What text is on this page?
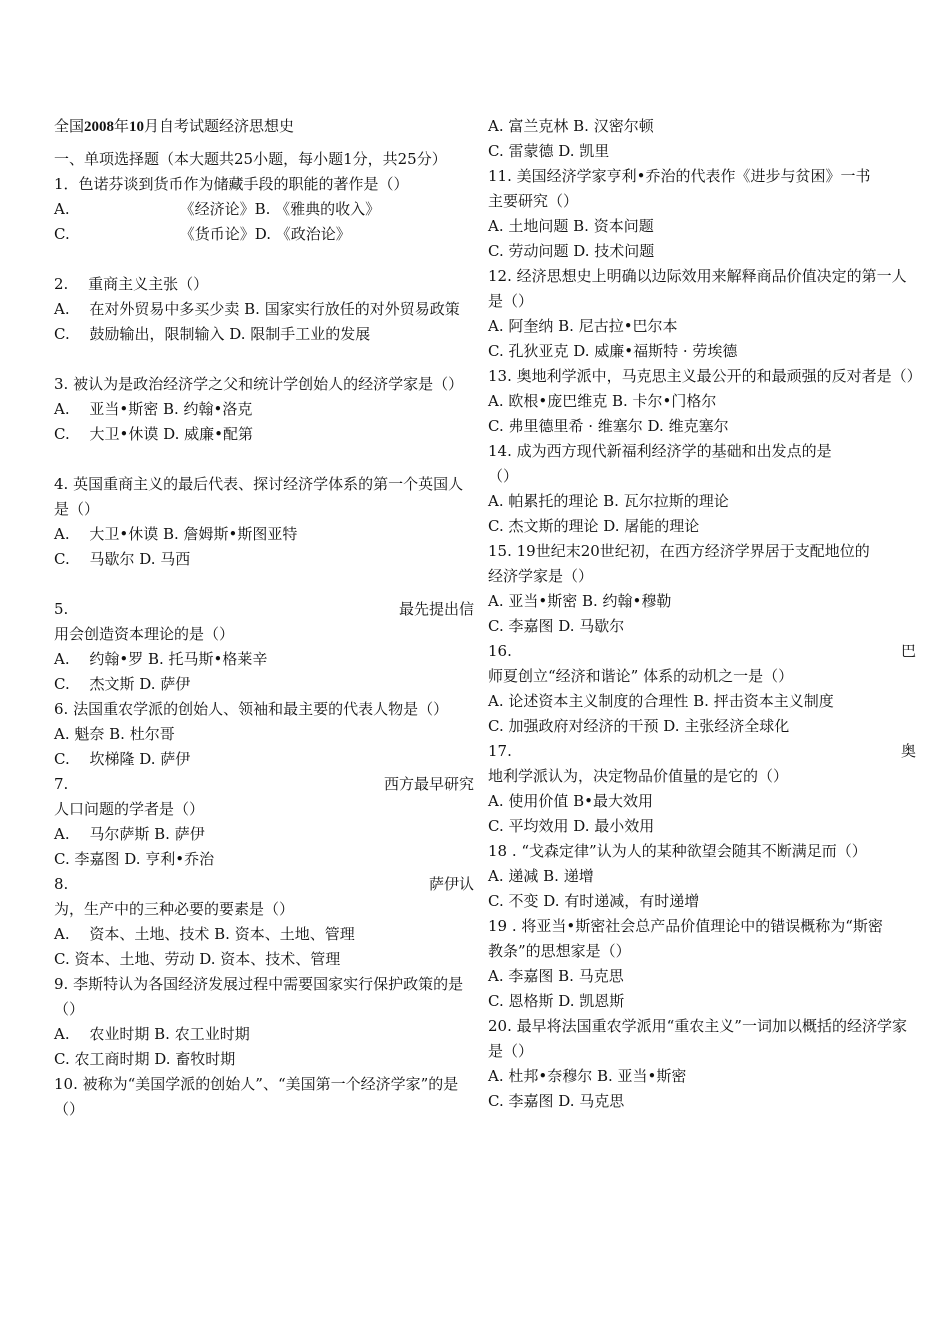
全国2008年10月自考试题经济思想史
一、单项选择题（本大题共25小题，每小题1分，共25分）
1．色诺芬谈到货币作为储藏手段的职能的著作是（）
A.	《经济论》B. 《雅典的收入》
C.	《货币论》D. 《政治论》
2.　 重商主义主张（）
A.　 在对外贸易中多买少卖 B. 国家实行放任的对外贸易政策
C.　 鼓励输出，限制输入 D. 限制手工业的发展
3. 被认为是政治经济学之父和统计学创始人的经济学家是（）
A.　 亚当•斯密 B. 约翰•洛克
C.　 大卫•休谟 D. 威廉•配第
4. 英国重商主义的最后代表、探讨经济学体系的第一个英国人是（）
A.　 大卫•休谟 B. 詹姆斯•斯图亚特
C.　 马歇尔 D. 马西
5.	最先提出信
用会创造资本理论的是（）
A.　 约翰•罗 B. 托马斯•格莱辛
C.　 杰文斯 D. 萨伊
6. 法国重农学派的创始人、领袖和最主要的代表人物是（）
A. 魁奈 B. 杜尔哥
C.　 坎梯隆 D. 萨伊
7.	西方最早研究
人口问题的学者是（）
A.　 马尔萨斯 B. 萨伊
C. 李嘉图 D. 亨利•乔治
8.	萨伊认
为，生产中的三种必要的要素是（）
A.　 资本、土地、技术 B. 资本、土地、管理
C. 资本、土地、劳动 D. 资本、技术、管理
9. 李斯特认为各国经济发展过程中需要国家实行保护政策的是（）
A.　 农业时期 B. 农工业时期
C. 农工商时期 D. 畜牧时期
10. 被称为“美国学派的创始人”、“美国第一个经济学家”的是（）
A. 富兰克林 B. 汉密尔顿
C. 雷蒙德 D. 凯里
11. 美国经济学家亨利•乔治的代表作《进步与贫困》一书
主要研究（）
A. 土地问题 B. 资本问题
C. 劳动问题 D. 技术问题
12. 经济思想史上明确以边际效用来解释商品价值决定的第一人是（）
A. 阿奎纳 B. 尼古拉•巴尔本
C. 孔狄亚克 D. 威廉•福斯特 · 劳埃德
13. 奥地利学派中，马克思主义最公开的和最顽强的反对者是（）
A. 欧根•庞巴维克 B. 卡尔•门格尔
C. 弗里德里希 · 维塞尔 D. 维克塞尔
14. 成为西方现代新福利经济学的基础和出发点的是
（）
A. 帕累托的理论 B. 瓦尔拉斯的理论
C. 杰文斯的理论 D. 屠能的理论
15. 19世纪末20世纪初，在西方经济学界居于支配地位的
经济学家是（）
A. 亚当•斯密 B. 约翰•穆勒
C. 李嘉图 D. 马歇尔
16.	巴
师夏创立“经济和谐论” 体系的动机之一是（）
A. 论述资本主义制度的合理性 B. 抨击资本主义制度
C. 加强政府对经济的干预 D. 主张经济全球化
17.	奥
地利学派认为，决定物品价值量的是它的（）
A. 使用价值 B•最大效用
C. 平均效用 D. 最小效用
18 . “戈森定律”认为人的某种欲望会随其不断满足而（）
A. 递减 B. 递增
C. 不变 D. 有时递减，有时递增
19 . 将亚当•斯密社会总产品价值理论中的错误概称为“斯密
教条”的思想家是（）
A. 李嘉图 B. 马克思
C. 恩格斯 D. 凯恩斯
20. 最早将法国重农学派用“重农主义”一词加以概括的经济学家是（）
A. 杜邦•奈穆尔 B. 亚当•斯密
C. 李嘉图 D. 马克思
